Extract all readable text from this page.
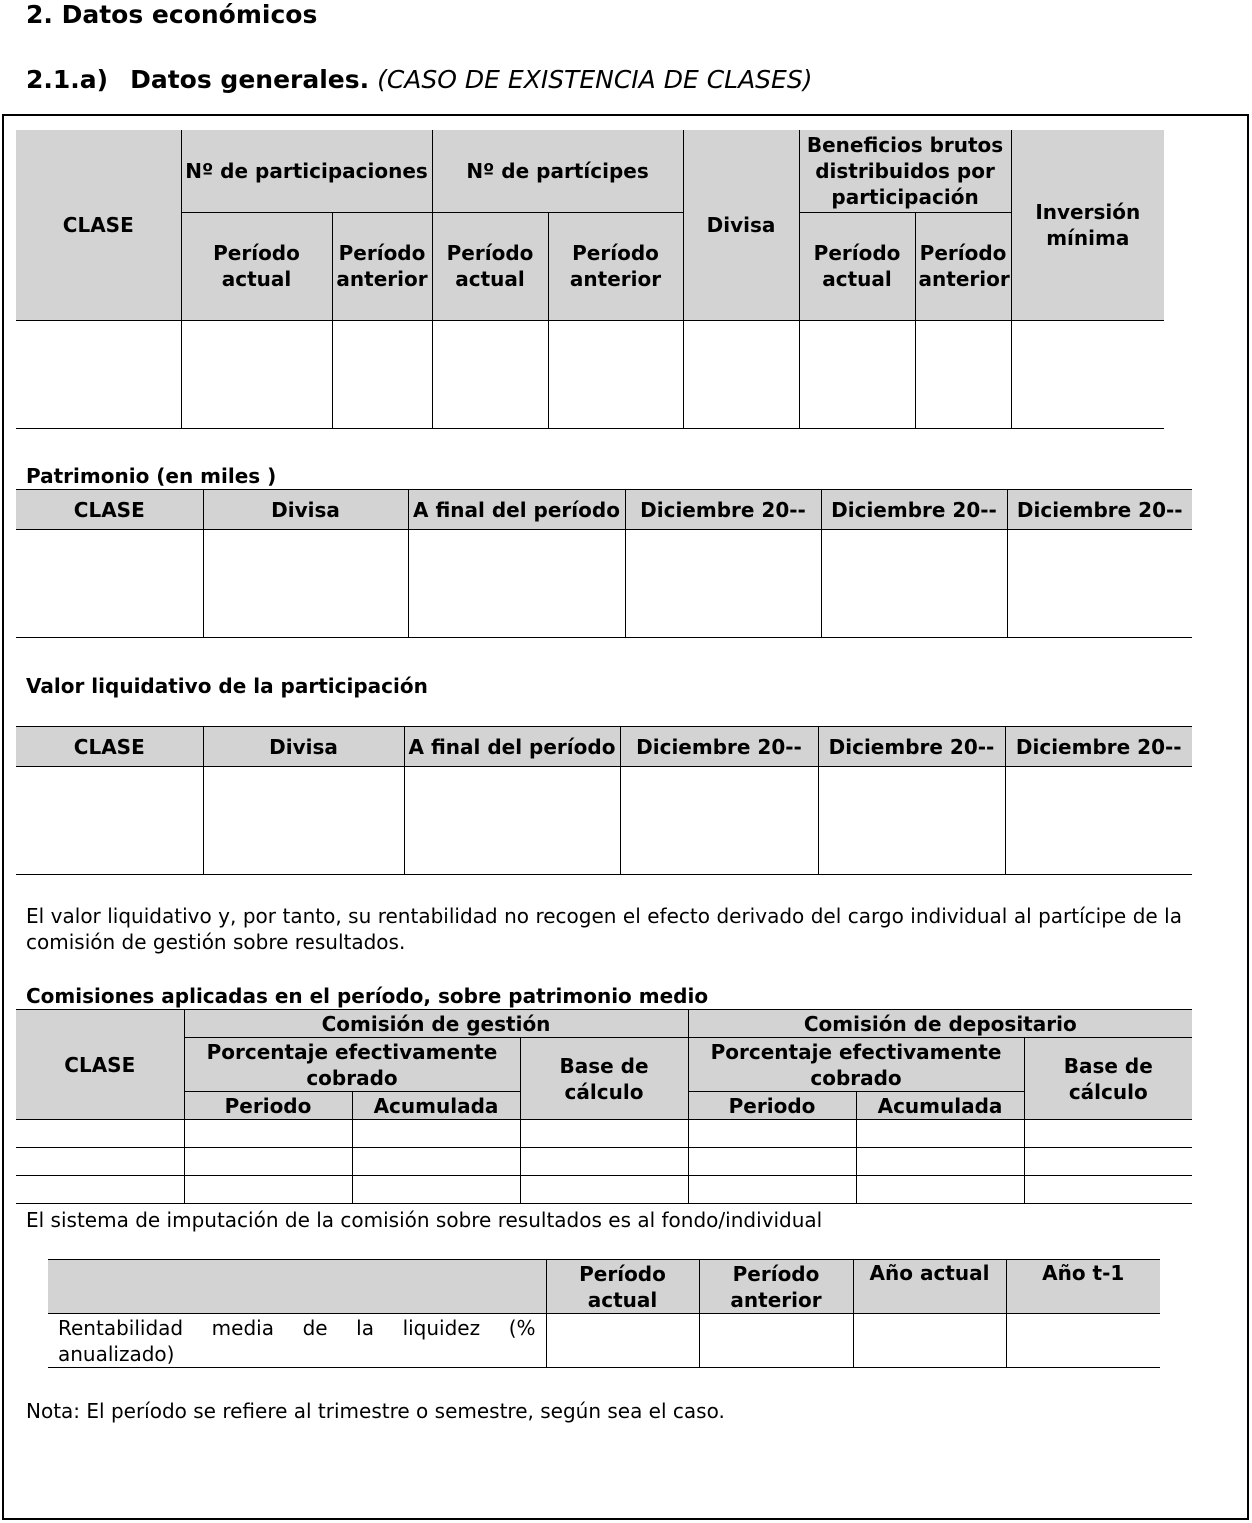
2. Datos económicos
2.1.a) Datos generales. (CASO DE EXISTENCIA DE CLASES)
CLASE	Nº de participaciones		Nº de partícipes		Divisa	Beneficios brutos distribuidos por participación		Inversión mínima
	Período actual	Período anterior	Período actual	Período anterior		Período actual	Período anterior	

Patrimonio (en miles )
CLASE	Divisa	A final del período	Diciembre 20--	Diciembre 20--	Diciembre 20--

Valor liquidativo de la participación
CLASE	Divisa	A final del período	Diciembre 20--	Diciembre 20--	Diciembre 20--

El valor liquidativo y, por tanto, su rentabilidad no recogen el efecto derivado del cargo individual al partícipe de la comisión de gestión sobre resultados.
Comisiones aplicadas en el período, sobre patrimonio medio
CLASE	Comisión de gestión			Comisión de depositario		
	Porcentaje efectivamente cobrado		Base de cálculo	Porcentaje efectivamente cobrado		Base de cálculo
	Periodo	Acumulada		Periodo	Acumulada	

El sistema de imputación de la comisión sobre resultados es al fondo/individual
	Período actual	Período anterior	Año actual	Año t-1
Rentabilidad media de la liquidez (% anualizado)				
Nota: El período se refiere al trimestre o semestre, según sea el caso.
